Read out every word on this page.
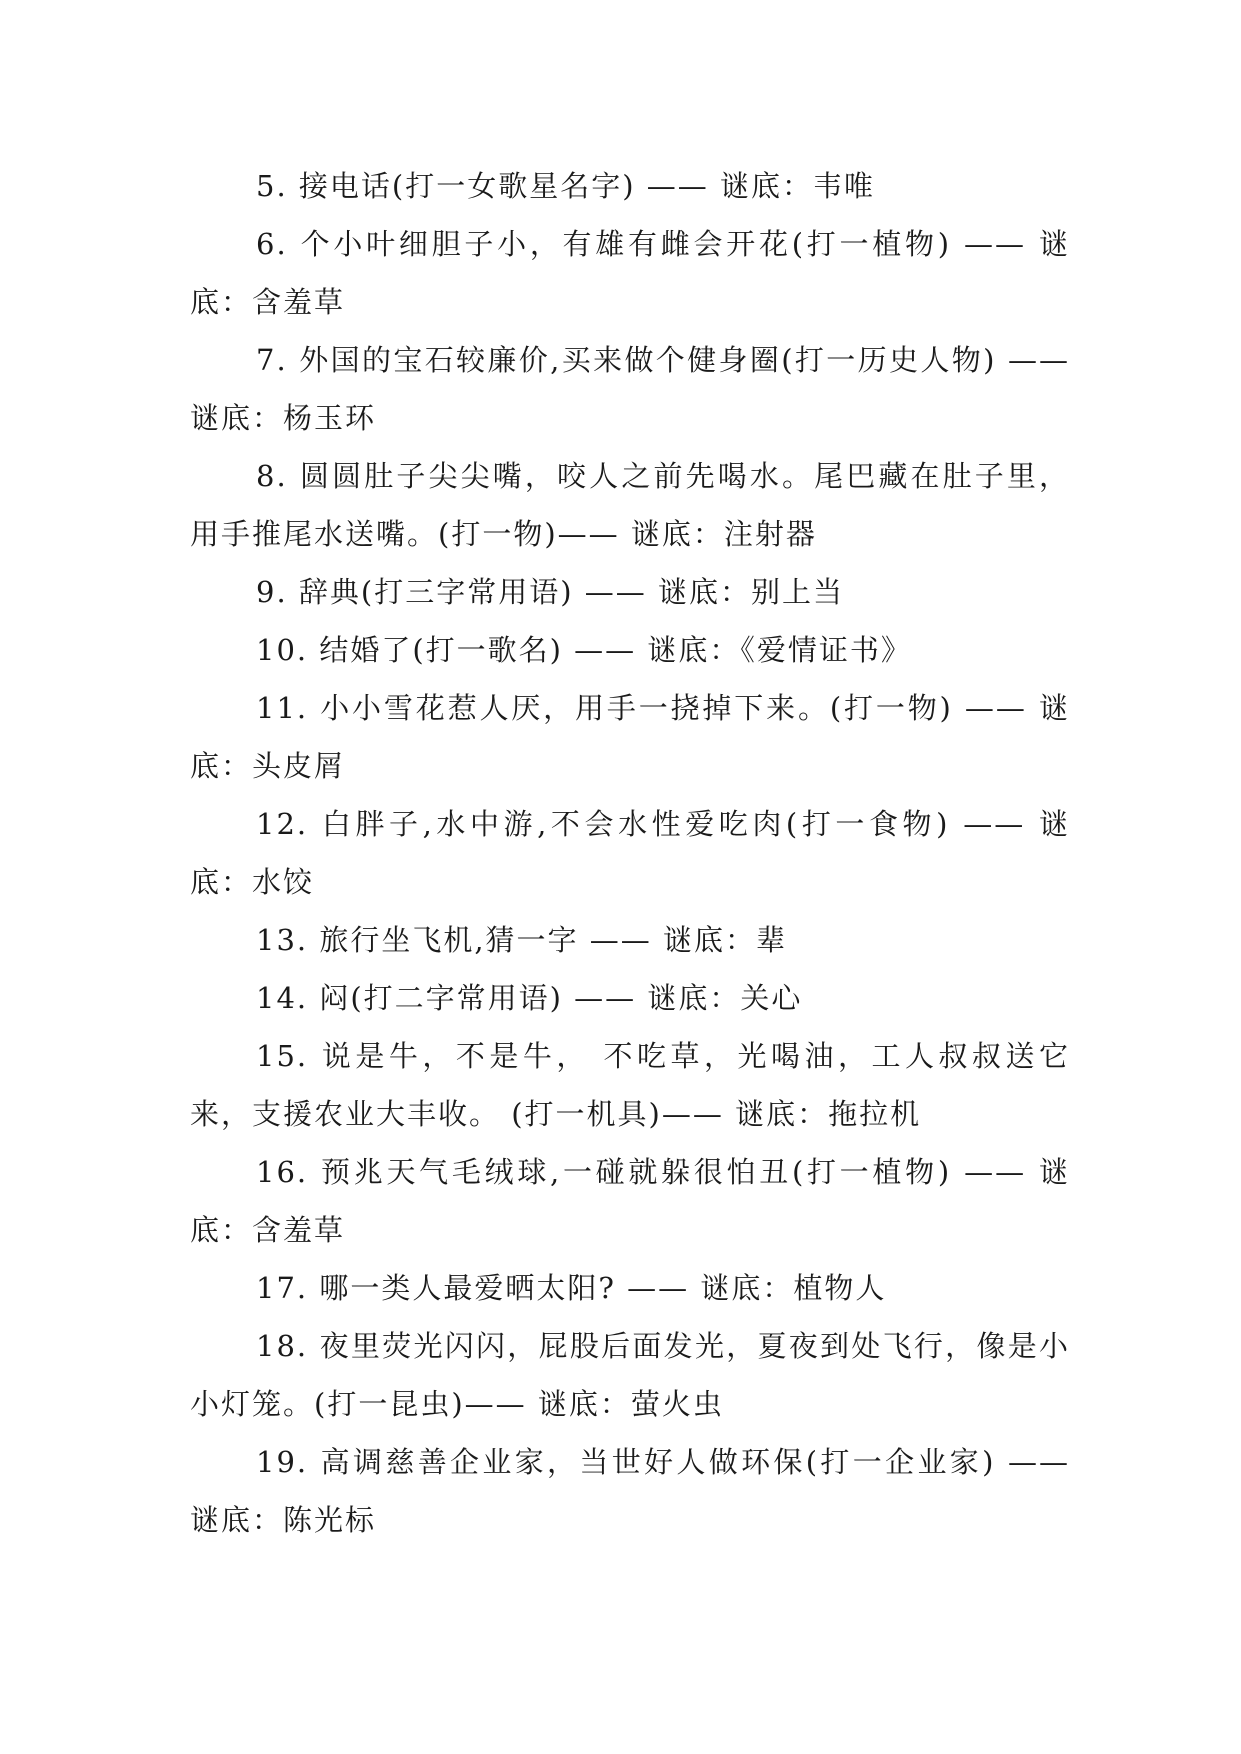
5. 接电话(打一女歌星名字) —— 谜底：韦唯

6. 个小叶细胆子小，有雄有雌会开花(打一植物) —— 谜底：含羞草

7. 外国的宝石较廉价,买来做个健身圈(打一历史人物) —— 谜底：杨玉环

8. 圆圆肚子尖尖嘴，咬人之前先喝水。尾巴藏在肚子里，用手推尾水送嘴。(打一物)—— 谜底：注射器

9. 辞典(打三字常用语) —— 谜底：别上当

10. 结婚了(打一歌名) —— 谜底：《爱情证书》

11. 小小雪花惹人厌，用手一挠掉下来。(打一物) —— 谜底：头皮屑

12. 白胖子,水中游,不会水性爱吃肉(打一食物) —— 谜底：水饺

13. 旅行坐飞机,猜一字 —— 谜底：辈

14. 闷(打二字常用语) —— 谜底：关心

15. 说是牛，不是牛， 不吃草，光喝油，工人叔叔送它来，支援农业大丰收。 (打一机具)—— 谜底：拖拉机

16. 预兆天气毛绒球,一碰就躲很怕丑(打一植物) —— 谜底：含羞草

17. 哪一类人最爱晒太阳? —— 谜底：植物人

18. 夜里荧光闪闪，屁股后面发光，夏夜到处飞行，像是小小灯笼。(打一昆虫)—— 谜底：萤火虫

19. 高调慈善企业家，当世好人做环保(打一企业家) —— 谜底：陈光标
